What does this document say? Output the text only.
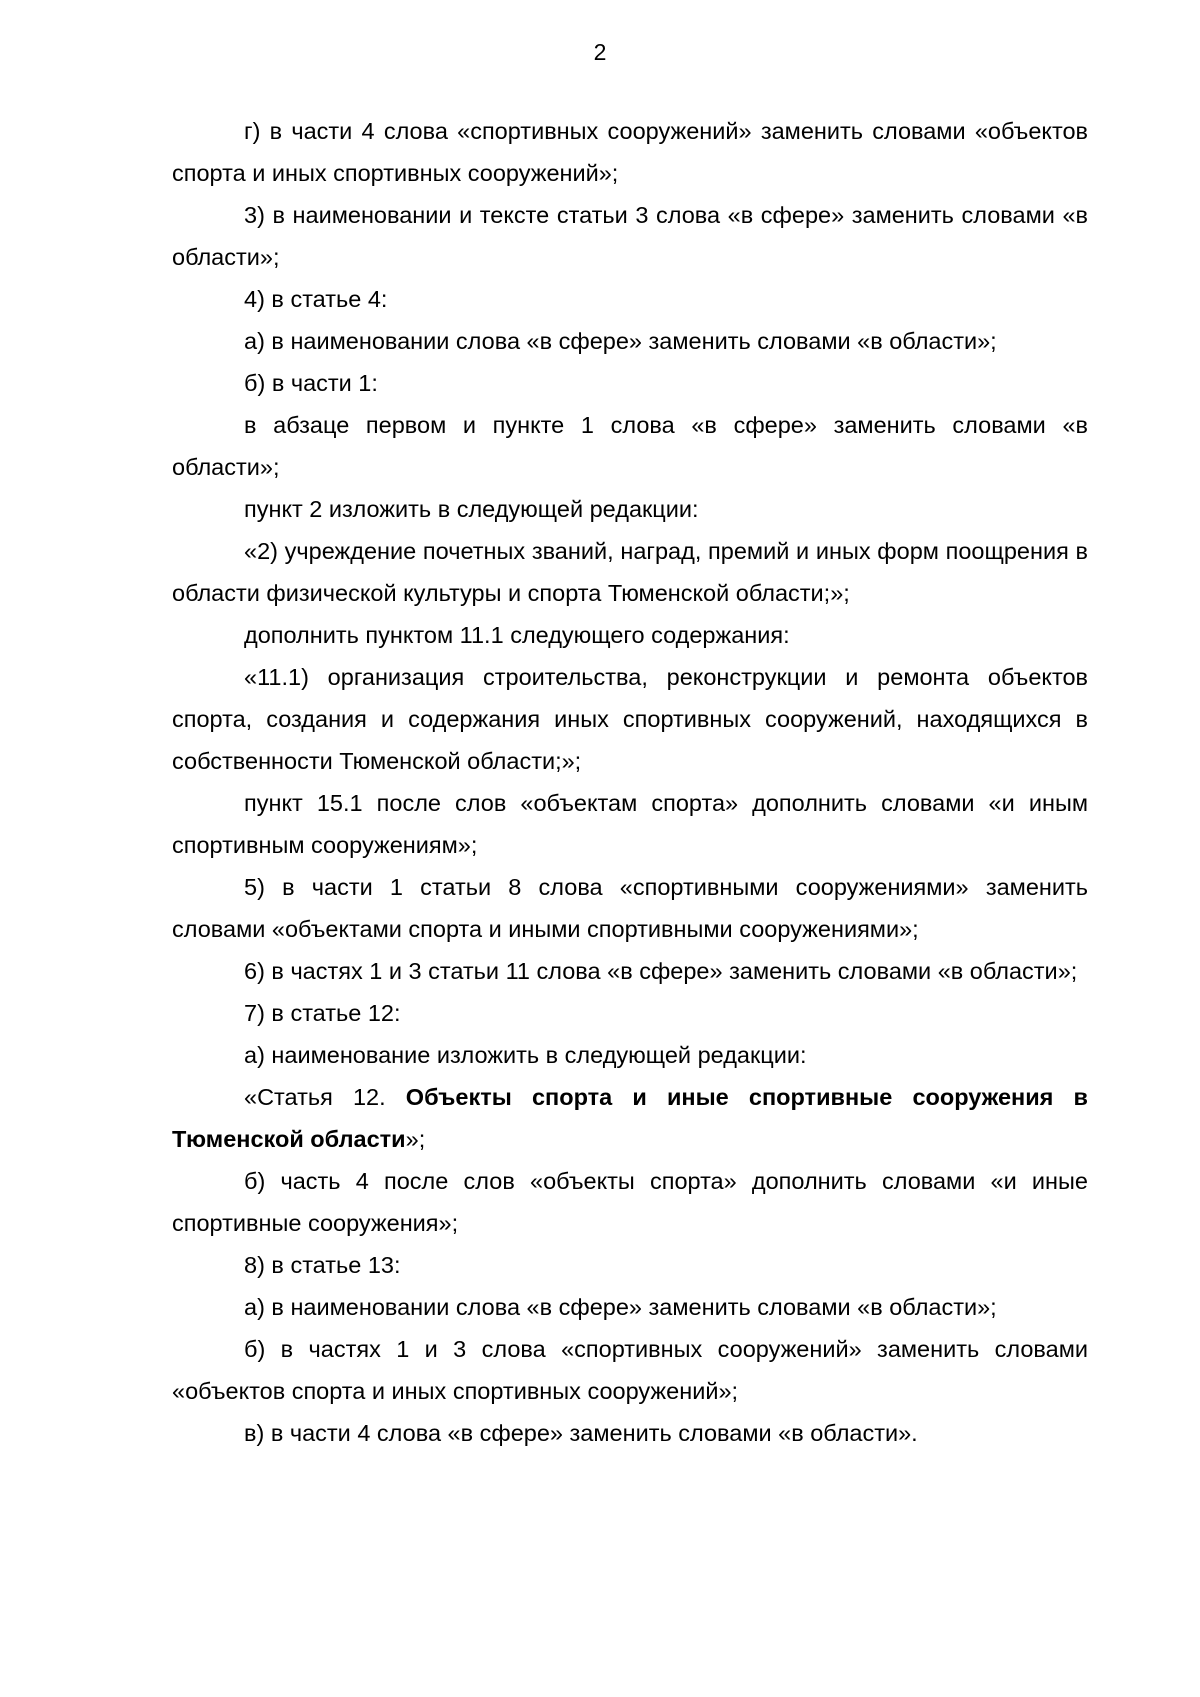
2

г) в части 4 слова «спортивных сооружений» заменить словами «объектов спорта и иных спортивных сооружений»;

3) в наименовании и тексте статьи 3 слова «в сфере» заменить словами «в области»;

4) в статье 4:

а) в наименовании слова «в сфере» заменить словами «в области»;

б) в части 1:

в абзаце первом и пункте 1 слова «в сфере» заменить словами «в области»;

пункт 2 изложить в следующей редакции:

«2) учреждение почетных званий, наград, премий и иных форм поощрения в области физической культуры и спорта Тюменской области;»;

дополнить пунктом 11.1 следующего содержания:

«11.1) организация строительства, реконструкции и ремонта объектов спорта, создания и содержания иных спортивных сооружений, находящихся в собственности Тюменской области;»;

пункт 15.1 после слов «объектам спорта» дополнить словами «и иным спортивным сооружениям»;

5) в части 1 статьи 8 слова «спортивными сооружениями» заменить словами «объектами спорта и иными спортивными сооружениями»;

6) в частях 1 и 3 статьи 11 слова «в сфере» заменить словами «в области»;

7) в статье 12:

а) наименование изложить в следующей редакции:

«Статья 12. Объекты спорта и иные спортивные сооружения в Тюменской области»;

б) часть 4 после слов «объекты спорта» дополнить словами «и иные спортивные сооружения»;

8) в статье 13:

а) в наименовании слова «в сфере» заменить словами «в области»;

б) в частях 1 и 3 слова «спортивных сооружений» заменить словами «объектов спорта и иных спортивных сооружений»;

в) в части 4 слова «в сфере» заменить словами «в области».
